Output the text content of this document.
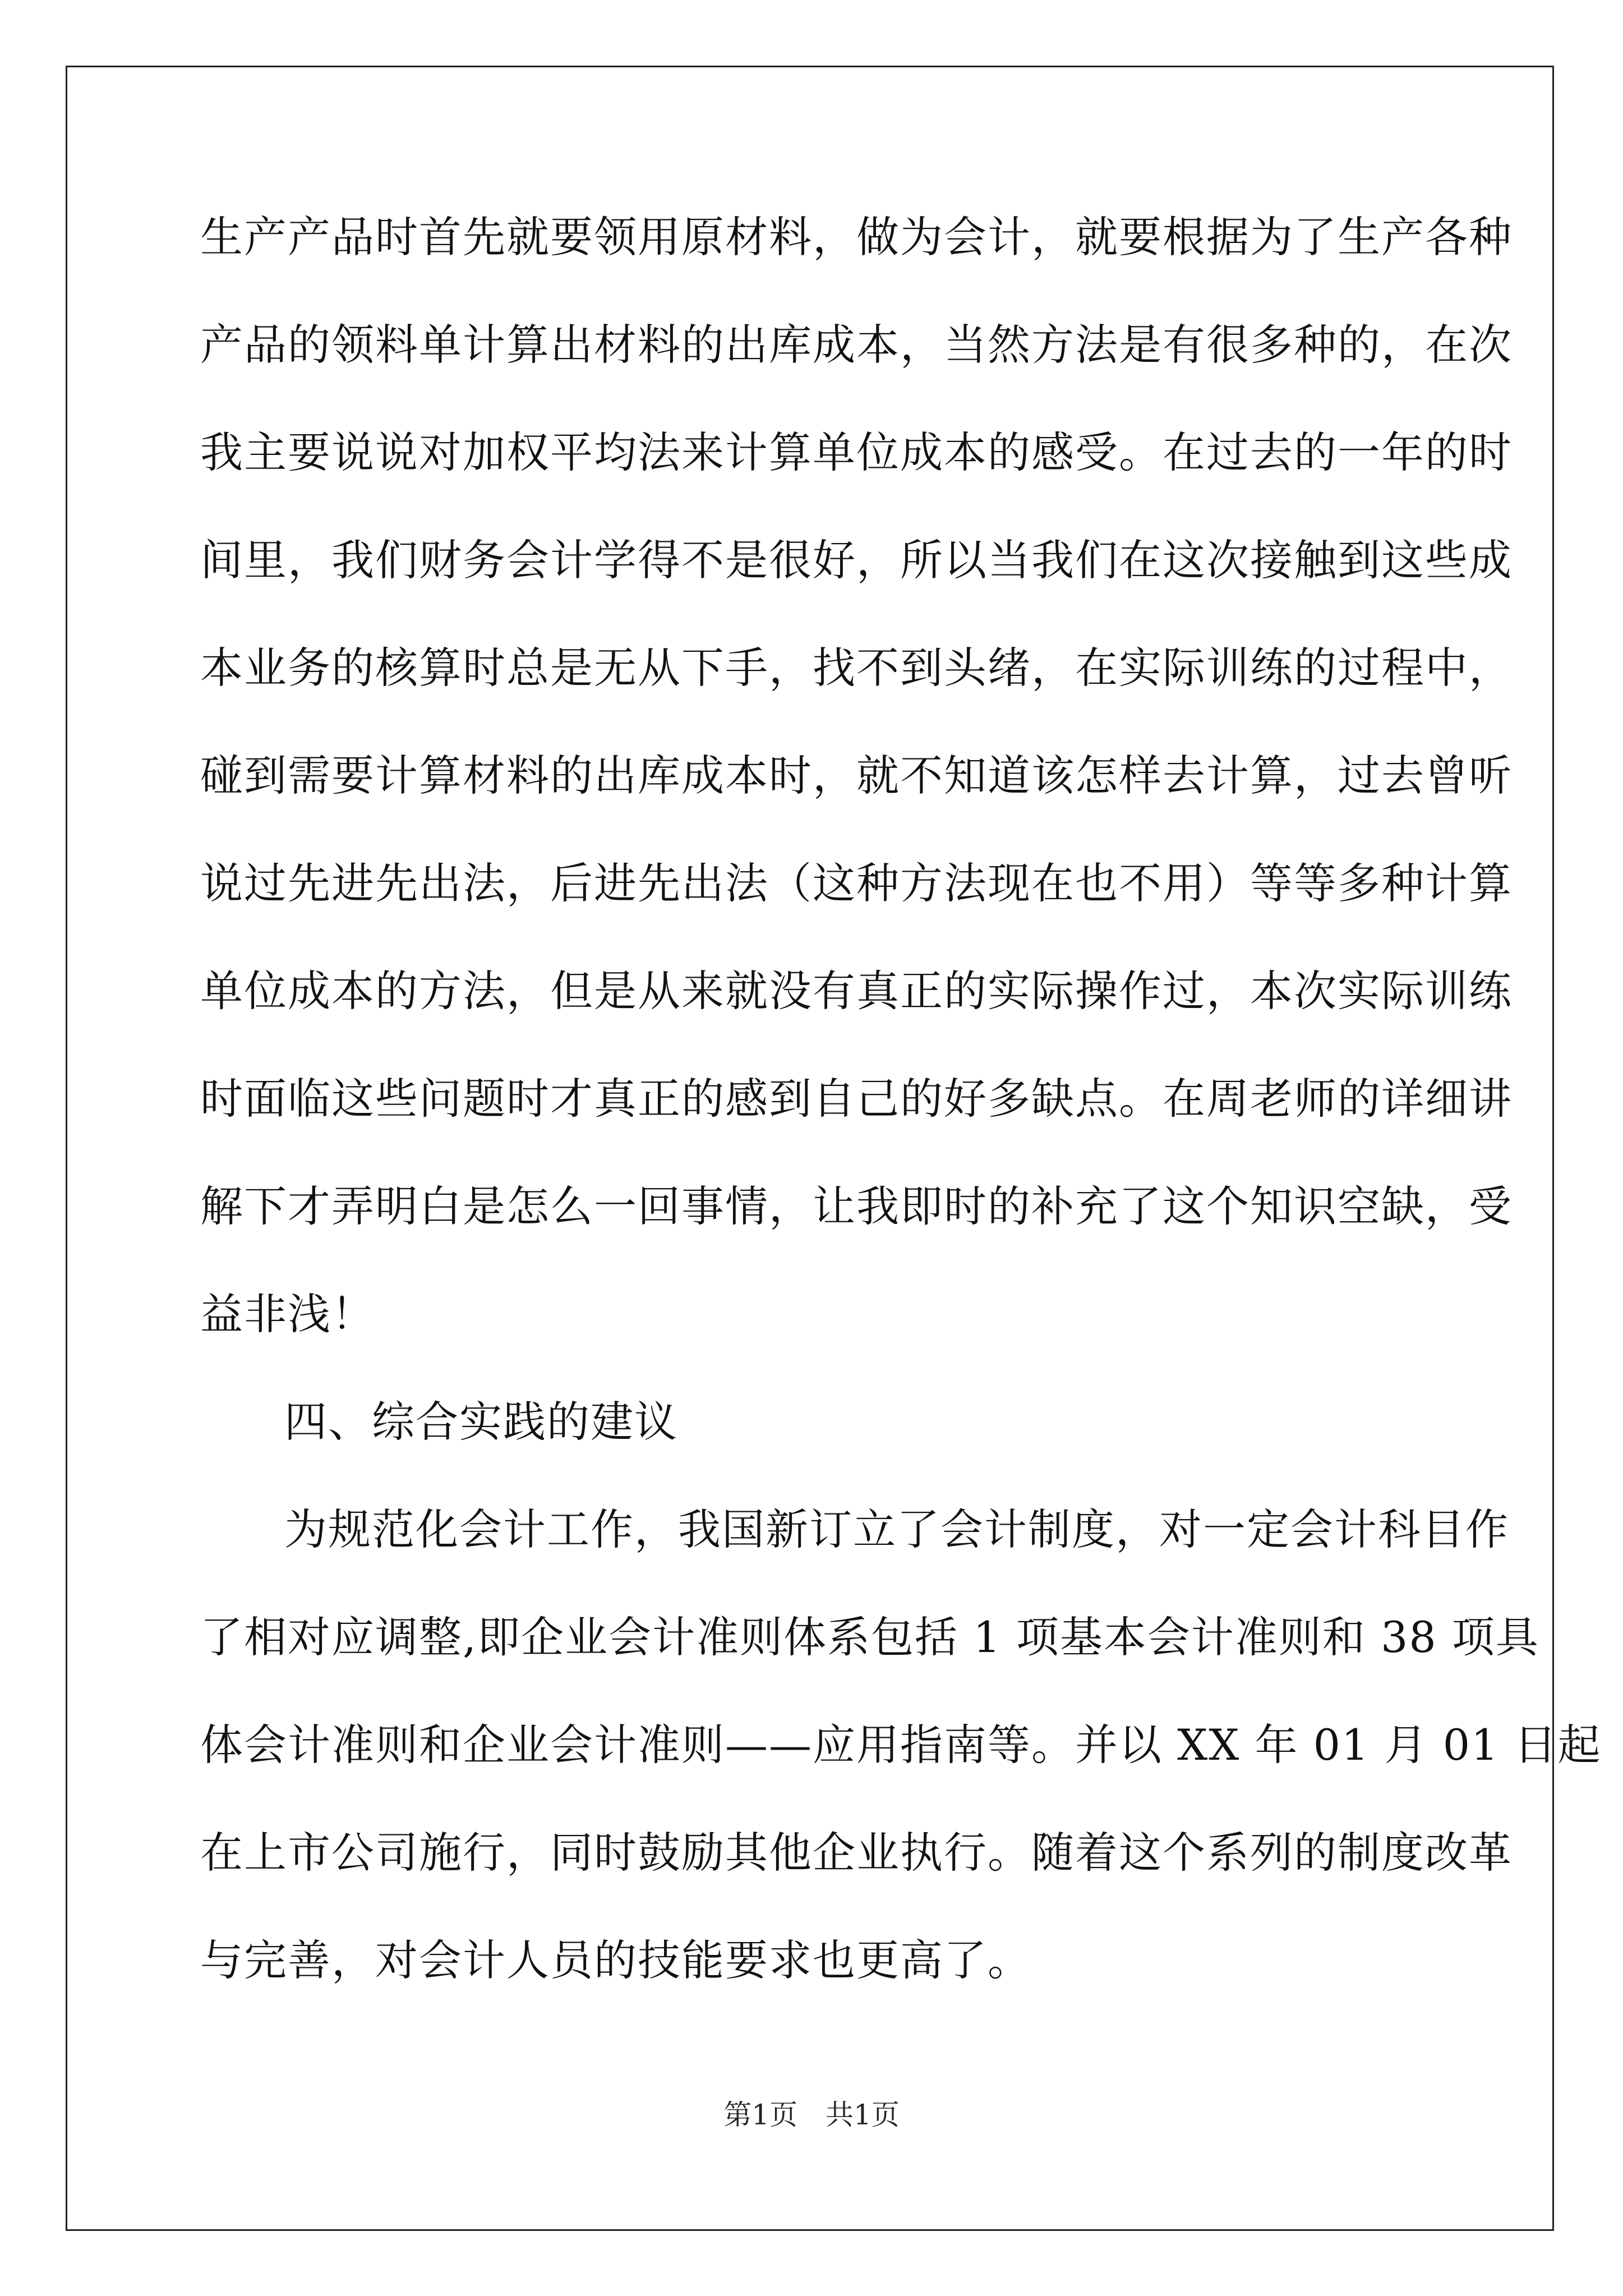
生产产品时首先就要领用原材料，做为会计，就要根据为了生产各种
产品的领料单计算出材料的出库成本，当然方法是有很多种的，在次
我主要说说对加权平均法来计算单位成本的感受。在过去的一年的时
间里，我们财务会计学得不是很好，所以当我们在这次接触到这些成
本业务的核算时总是无从下手，找不到头绪，在实际训练的过程中，
碰到需要计算材料的出库成本时，就不知道该怎样去计算，过去曾听
说过先进先出法，后进先出法（这种方法现在也不用）等等多种计算
单位成本的方法，但是从来就没有真正的实际操作过，本次实际训练
时面临这些问题时才真正的感到自己的好多缺点。在周老师的详细讲
解下才弄明白是怎么一回事情，让我即时的补充了这个知识空缺，受
益非浅！
四、综合实践的建议
为规范化会计工作，我国新订立了会计制度，对一定会计科目作
了相对应调整,即企业会计准则体系包括 1 项基本会计准则和 38 项具
体会计准则和企业会计准则——应用指南等。并以 XX 年 01 月 01 日起
在上市公司施行，同时鼓励其他企业执行。随着这个系列的制度改革
与完善，对会计人员的技能要求也更高了。
第1页 共1页
